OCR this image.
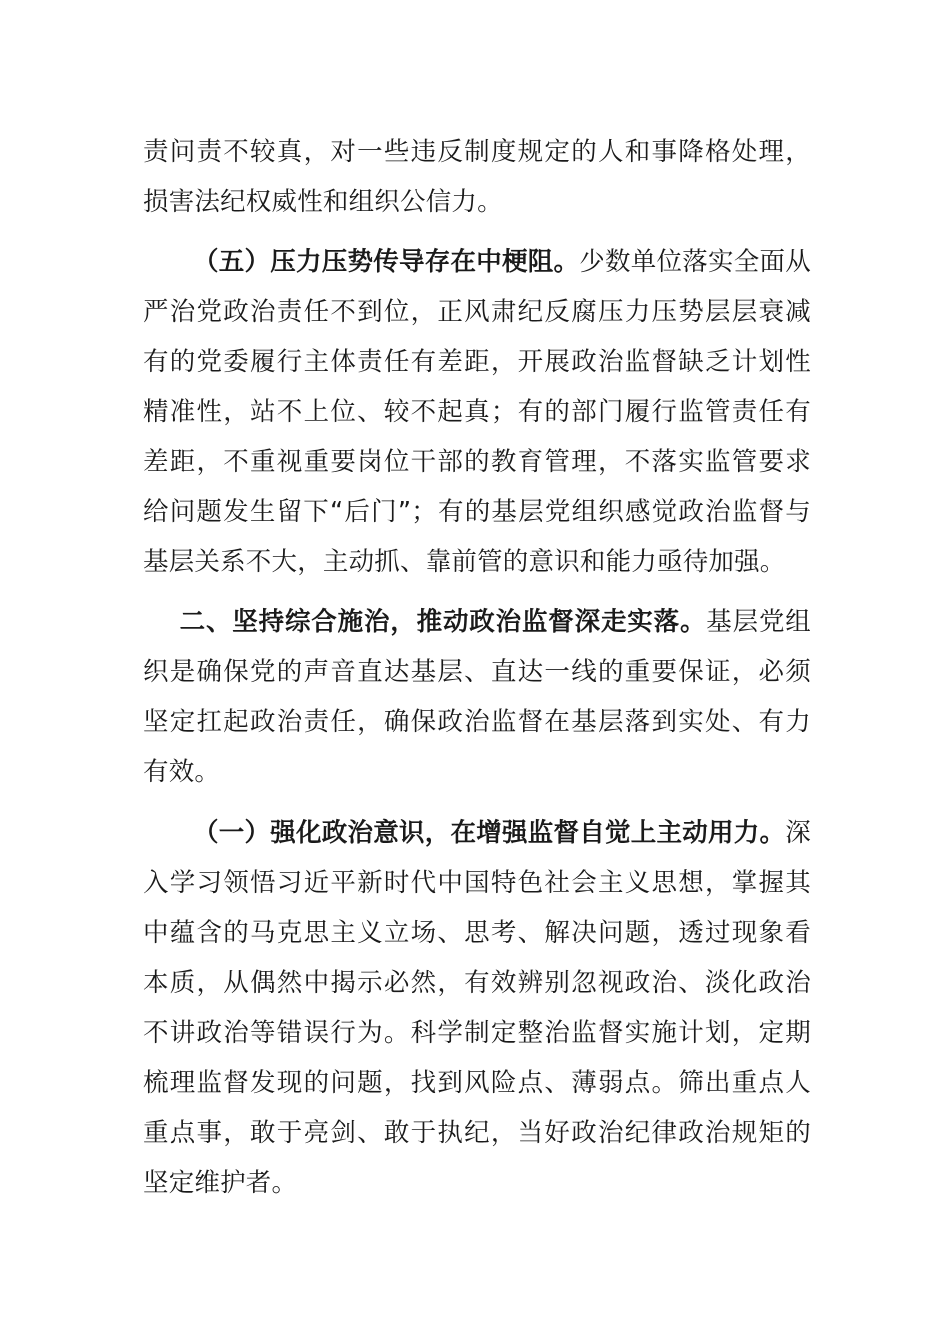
责问责不较真，对一些违反制度规定的人和事降格处理，损害法纪权威性和组织公信力。

（五）压力压势传导存在中梗阻。少数单位落实全面从严治党政治责任不到位，正风肃纪反腐压力压势层层衰减有的党委履行主体责任有差距，开展政治监督缺乏计划性精准性，站不上位、较不起真；有的部门履行监管责任有差距，不重视重要岗位干部的教育管理，不落实监管要求给问题发生留下“后门”；有的基层党组织感觉政治监督与基层关系不大，主动抓、靠前管的意识和能力亟待加强。

二、坚持综合施治，推动政治监督深走实落。基层党组织是确保党的声音直达基层、直达一线的重要保证，必须坚定扛起政治责任，确保政治监督在基层落到实处、有力有效。

（一）强化政治意识，在增强监督自觉上主动用力。深入学习领悟习近平新时代中国特色社会主义思想，掌握其中蕴含的马克思主义立场、思考、解决问题，透过现象看本质，从偶然中揭示必然，有效辨别忽视政治、淡化政治不讲政治等错误行为。科学制定整治监督实施计划，定期梳理监督发现的问题，找到风险点、薄弱点。筛出重点人重点事，敢于亮剑、敢于执纪，当好政治纪律政治规矩的坚定维护者。
